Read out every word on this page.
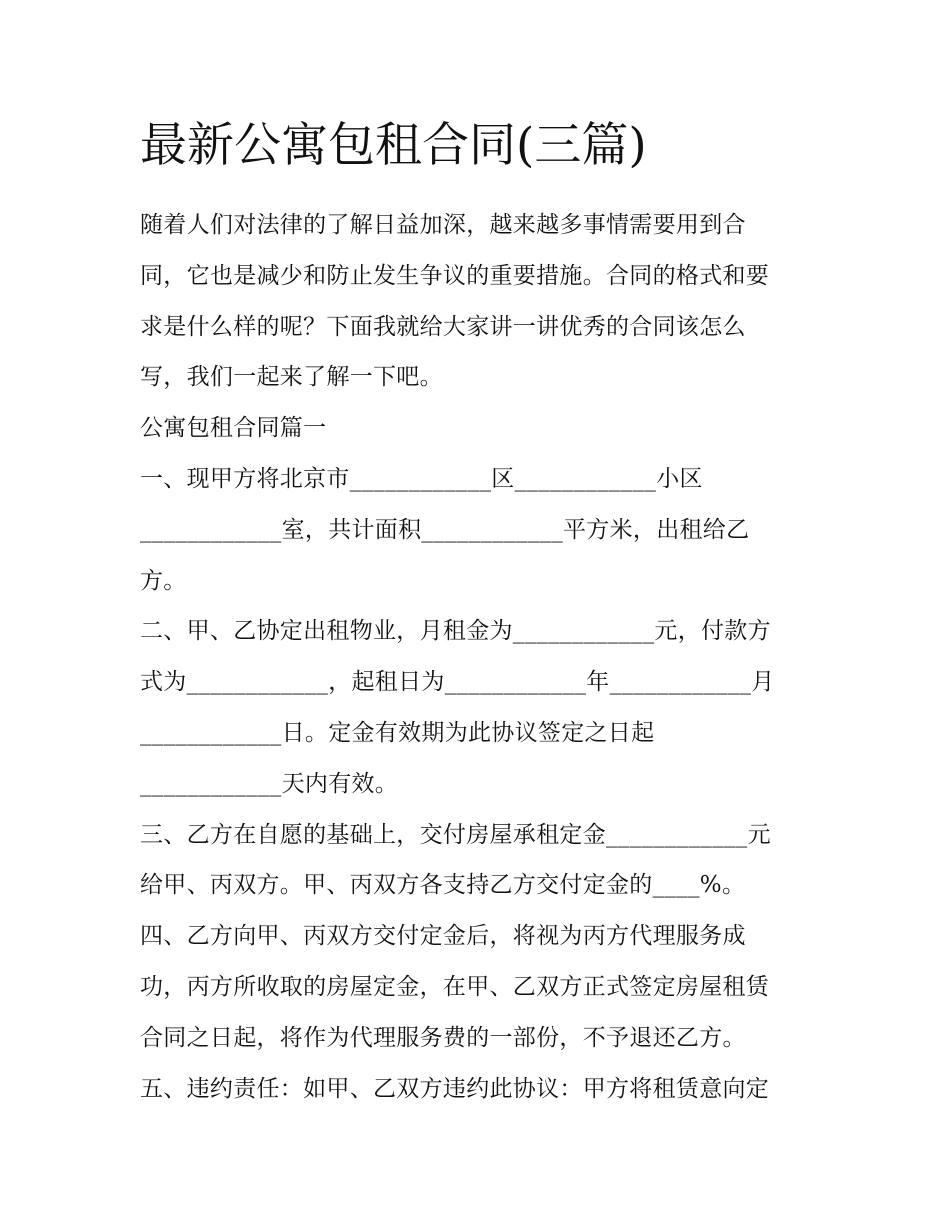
最新公寓包租合同(三篇)
随着人们对法律的了解日益加深，越来越多事情需要用到合
同，它也是减少和防止发生争议的重要措施。合同的格式和要
求是什么样的呢？下面我就给大家讲一讲优秀的合同该怎么
写，我们一起来了解一下吧。
公寓包租合同篇一
一、现甲方将北京市____________区____________小区
____________室，共计面积____________平方米，出租给乙
方。
二、甲、乙协定出租物业，月租金为____________元，付款方
式为____________，起租日为____________年____________月
____________日。定金有效期为此协议签定之日起
____________天内有效。
三、乙方在自愿的基础上，交付房屋承租定金____________元
给甲、丙双方。甲、丙双方各支持乙方交付定金的____%。
四、乙方向甲、丙双方交付定金后，将视为丙方代理服务成
功，丙方所收取的房屋定金，在甲、乙双方正式签定房屋租赁
合同之日起，将作为代理服务费的一部份，不予退还乙方。
五、违约责任：如甲、乙双方违约此协议：甲方将租赁意向定
